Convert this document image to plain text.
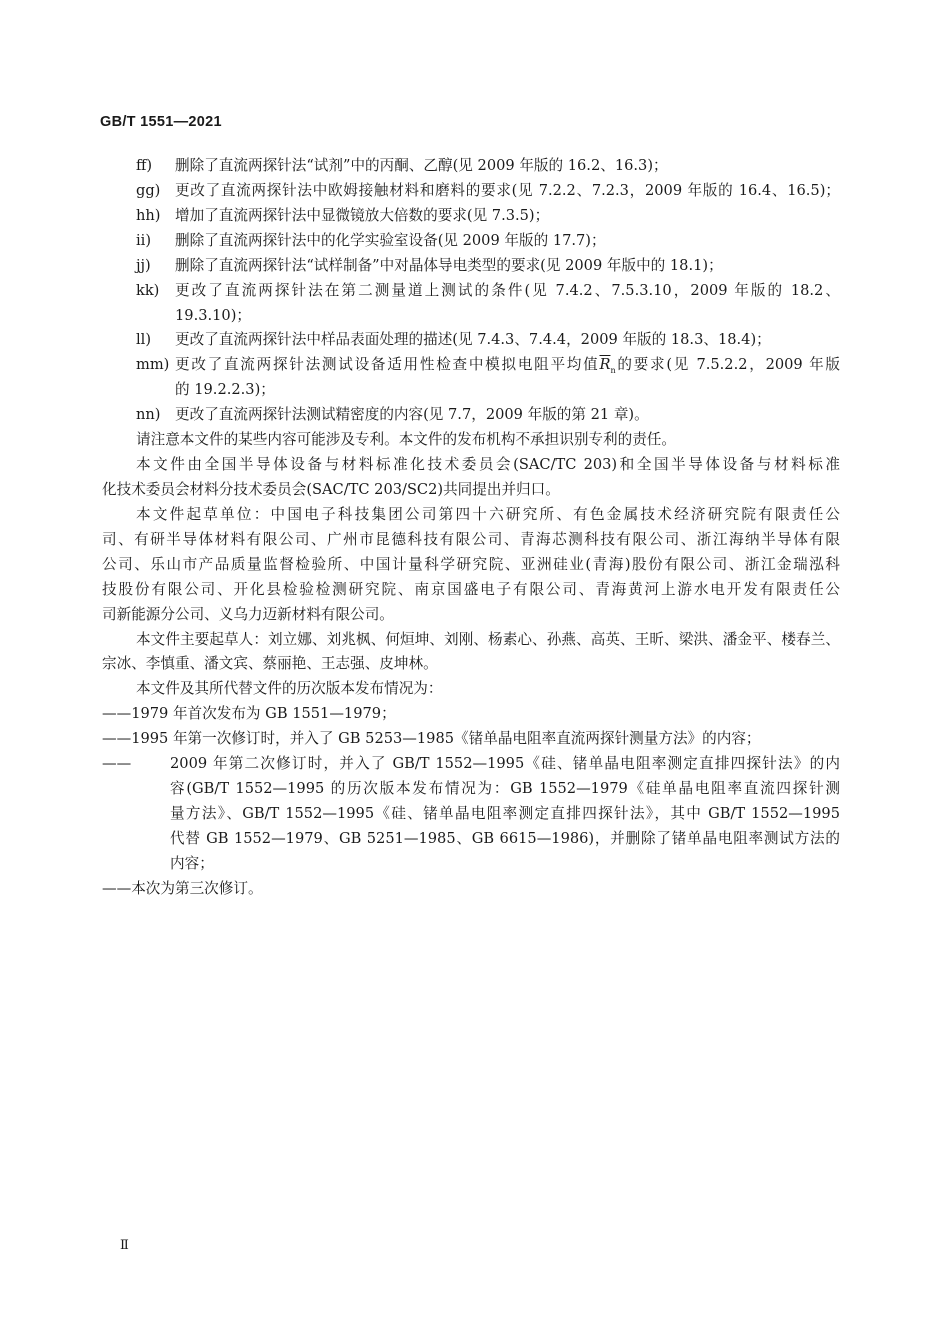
GB/T 1551—2021
ff) 删除了直流两探针法“试剂”中的丙酮、乙醇(见 2009 年版的 16.2、16.3)；
gg) 更改了直流两探针法中欧姆接触材料和磨料的要求(见 7.2.2、7.2.3，2009 年版的 16.4、16.5)；
hh) 增加了直流两探针法中显微镜放大倍数的要求(见 7.3.5)；
ii) 删除了直流两探针法中的化学实验室设备(见 2009 年版的 17.7)；
jj) 删除了直流两探针法“试样制备”中对晶体导电类型的要求(见 2009 年版中的 18.1)；
kk) 更改了直流两探针法在第二测量道上测试的条件(见 7.4.2、7.5.3.10，2009 年版的 18.2、
19.3.10)；
ll) 更改了直流两探针法中样品表面处理的描述(见 7.4.3、7.4.4，2009 年版的 18.3、18.4)；
mm) 更改了直流两探针法测试设备适用性检查中模拟电阻平均值$\overline{R}_n$的要求(见 7.5.2.2，2009 年版
的 19.2.2.3)；
nn) 更改了直流两探针法测试精密度的内容(见 7.7，2009 年版的第 21 章)。
请注意本文件的某些内容可能涉及专利。本文件的发布机构不承担识别专利的责任。
本文件由全国半导体设备与材料标准化技术委员会(SAC/TC 203)和全国半导体设备与材料标准
化技术委员会材料分技术委员会(SAC/TC 203/SC2)共同提出并归口。
本文件起草单位：中国电子科技集团公司第四十六研究所、有色金属技术经济研究院有限责任公
司、有研半导体材料有限公司、广州市昆德科技有限公司、青海芯测科技有限公司、浙江海纳半导体有限
公司、乐山市产品质量监督检验所、中国计量科学研究院、亚洲硅业(青海)股份有限公司、浙江金瑞泓科
技股份有限公司、开化县检验检测研究院、南京国盛电子有限公司、青海黄河上游水电开发有限责任公
司新能源分公司、义乌力迈新材料有限公司。
本文件主要起草人：刘立娜、刘兆枫、何烜坤、刘刚、杨素心、孙燕、高英、王昕、梁洪、潘金平、楼春兰、
宗冰、李慎重、潘文宾、蔡丽艳、王志强、皮坤林。
本文件及其所代替文件的历次版本发布情况为：
——1979 年首次发布为 GB 1551—1979；
——1995 年第一次修订时，并入了 GB 5253—1985《锗单晶电阻率直流两探针测量方法》的内容；
——	2009 年第二次修订时，并入了 GB/T 1552—1995《硅、锗单晶电阻率测定直排四探针法》的内
容(GB/T 1552—1995 的历次版本发布情况为：GB 1552—1979《硅单晶电阻率直流四探针测
量方法》、GB/T 1552—1995《硅、锗单晶电阻率测定直排四探针法》，其中 GB/T 1552—1995
代替 GB 1552—1979、GB 5251—1985、GB 6615—1986)，并删除了锗单晶电阻率测试方法的
内容；
——本次为第三次修订。
Ⅱ
